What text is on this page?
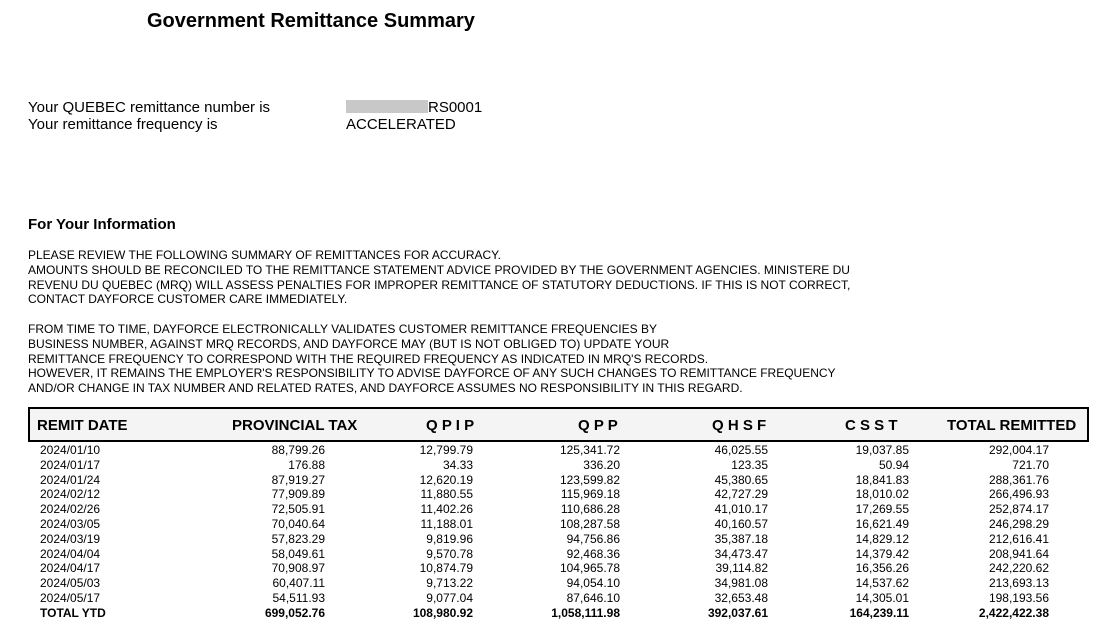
Government Remittance Summary
Your QUEBEC remittance number is	RS0001
Your remittance frequency is	ACCELERATED
For Your Information
PLEASE REVIEW THE FOLLOWING SUMMARY OF REMITTANCES FOR ACCURACY.
AMOUNTS SHOULD BE RECONCILED TO THE REMITTANCE STATEMENT ADVICE PROVIDED BY THE GOVERNMENT AGENCIES. MINISTERE DU
REVENU DU QUEBEC (MRQ) WILL ASSESS PENALTIES FOR IMPROPER REMITTANCE OF STATUTORY DEDUCTIONS. IF THIS IS NOT CORRECT,
CONTACT DAYFORCE CUSTOMER CARE IMMEDIATELY.
FROM TIME TO TIME, DAYFORCE ELECTRONICALLY VALIDATES CUSTOMER REMITTANCE FREQUENCIES BY
BUSINESS NUMBER, AGAINST MRQ RECORDS, AND DAYFORCE MAY (BUT IS NOT OBLIGED TO) UPDATE YOUR
REMITTANCE FREQUENCY TO CORRESPOND WITH THE REQUIRED FREQUENCY AS INDICATED IN MRQ'S RECORDS.
HOWEVER, IT REMAINS THE EMPLOYER'S RESPONSIBILITY TO ADVISE DAYFORCE OF ANY SUCH CHANGES TO REMITTANCE FREQUENCY
AND/OR CHANGE IN TAX NUMBER AND RELATED RATES, AND DAYFORCE ASSUMES NO RESPONSIBILITY IN THIS REGARD.
REMIT DATE	PROVINCIAL TAX	Q P I P	Q P P	Q H S F	C S S T	TOTAL REMITTED
2024/01/10	88,799.26	12,799.79	125,341.72	46,025.55	19,037.85	292,004.17
2024/01/17	176.88	34.33	336.20	123.35	50.94	721.70
2024/01/24	87,919.27	12,620.19	123,599.82	45,380.65	18,841.83	288,361.76
2024/02/12	77,909.89	11,880.55	115,969.18	42,727.29	18,010.02	266,496.93
2024/02/26	72,505.91	11,402.26	110,686.28	41,010.17	17,269.55	252,874.17
2024/03/05	70,040.64	11,188.01	108,287.58	40,160.57	16,621.49	246,298.29
2024/03/19	57,823.29	9,819.96	94,756.86	35,387.18	14,829.12	212,616.41
2024/04/04	58,049.61	9,570.78	92,468.36	34,473.47	14,379.42	208,941.64
2024/04/17	70,908.97	10,874.79	104,965.78	39,114.82	16,356.26	242,220.62
2024/05/03	60,407.11	9,713.22	94,054.10	34,981.08	14,537.62	213,693.13
2024/05/17	54,511.93	9,077.04	87,646.10	32,653.48	14,305.01	198,193.56
TOTAL YTD	699,052.76	108,980.92	1,058,111.98	392,037.61	164,239.11	2,422,422.38
